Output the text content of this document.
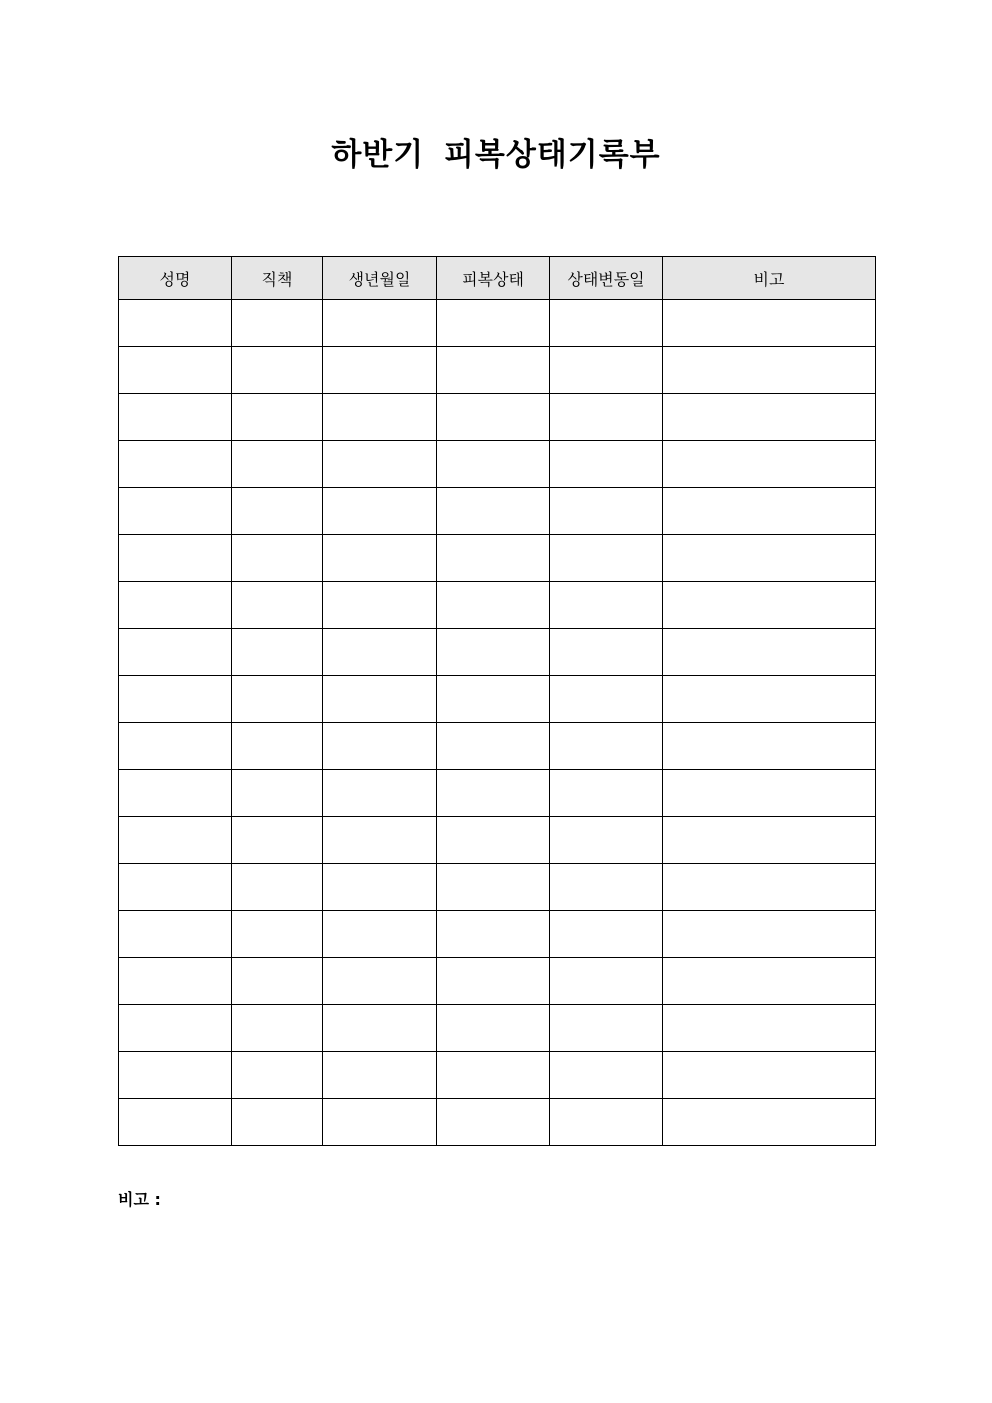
하반기 피복상태기록부
성명	직책	생년월일	피복상태	상태변동일	비고

비고 :
